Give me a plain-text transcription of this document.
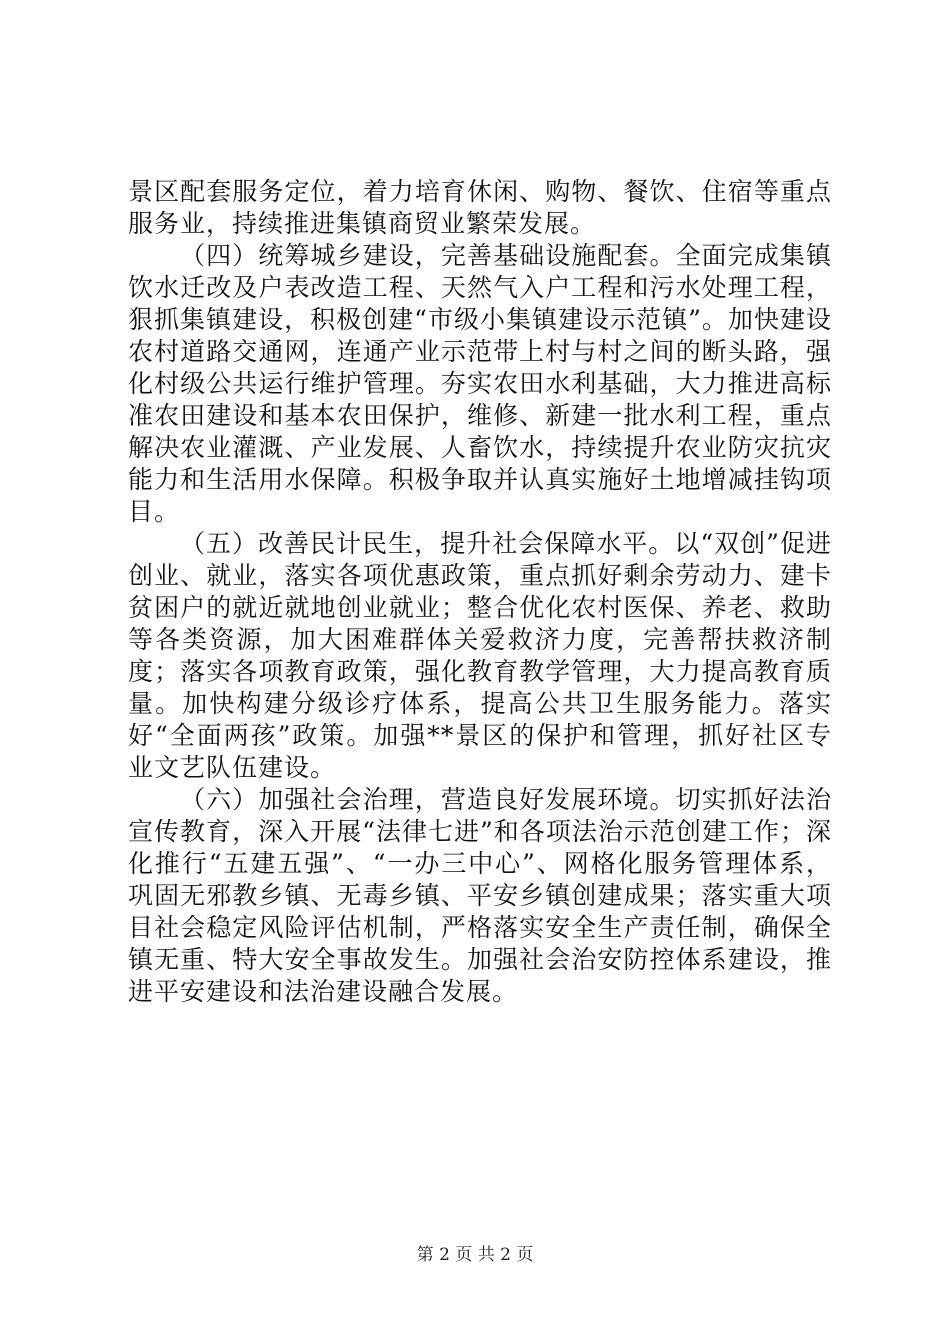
景区配套服务定位，着力培育休闲、购物、餐饮、住宿等重点服务业，持续推进集镇商贸业繁荣发展。

（四）统筹城乡建设，完善基础设施配套。全面完成集镇饮水迁改及户表改造工程、天然气入户工程和污水处理工程，狠抓集镇建设，积极创建“市级小集镇建设示范镇”。加快建设农村道路交通网，连通产业示范带上村与村之间的断头路，强化村级公共运行维护管理。夯实农田水利基础，大力推进高标准农田建设和基本农田保护，维修、新建一批水利工程，重点解决农业灌溉、产业发展、人畜饮水，持续提升农业防灾抗灾能力和生活用水保障。积极争取并认真实施好土地增减挂钩项目。

（五）改善民计民生，提升社会保障水平。以“双创”促进创业、就业，落实各项优惠政策，重点抓好剩余劳动力、建卡贫困户的就近就地创业就业；整合优化农村医保、养老、救助等各类资源，加大困难群体关爱救济力度，完善帮扶救济制度；落实各项教育政策，强化教育教学管理，大力提高教育质量。加快构建分级诊疗体系，提高公共卫生服务能力。落实好“全面两孩”政策。加强**景区的保护和管理，抓好社区专业文艺队伍建设。

（六）加强社会治理，营造良好发展环境。切实抓好法治宣传教育，深入开展“法律七进”和各项法治示范创建工作；深化推行“五建五强”、“一办三中心”、网格化服务管理体系，巩固无邪教乡镇、无毒乡镇、平安乡镇创建成果；落实重大项目社会稳定风险评估机制，严格落实安全生产责任制，确保全镇无重、特大安全事故发生。加强社会治安防控体系建设，推进平安建设和法治建设融合发展。

第 2 页 共 2 页
